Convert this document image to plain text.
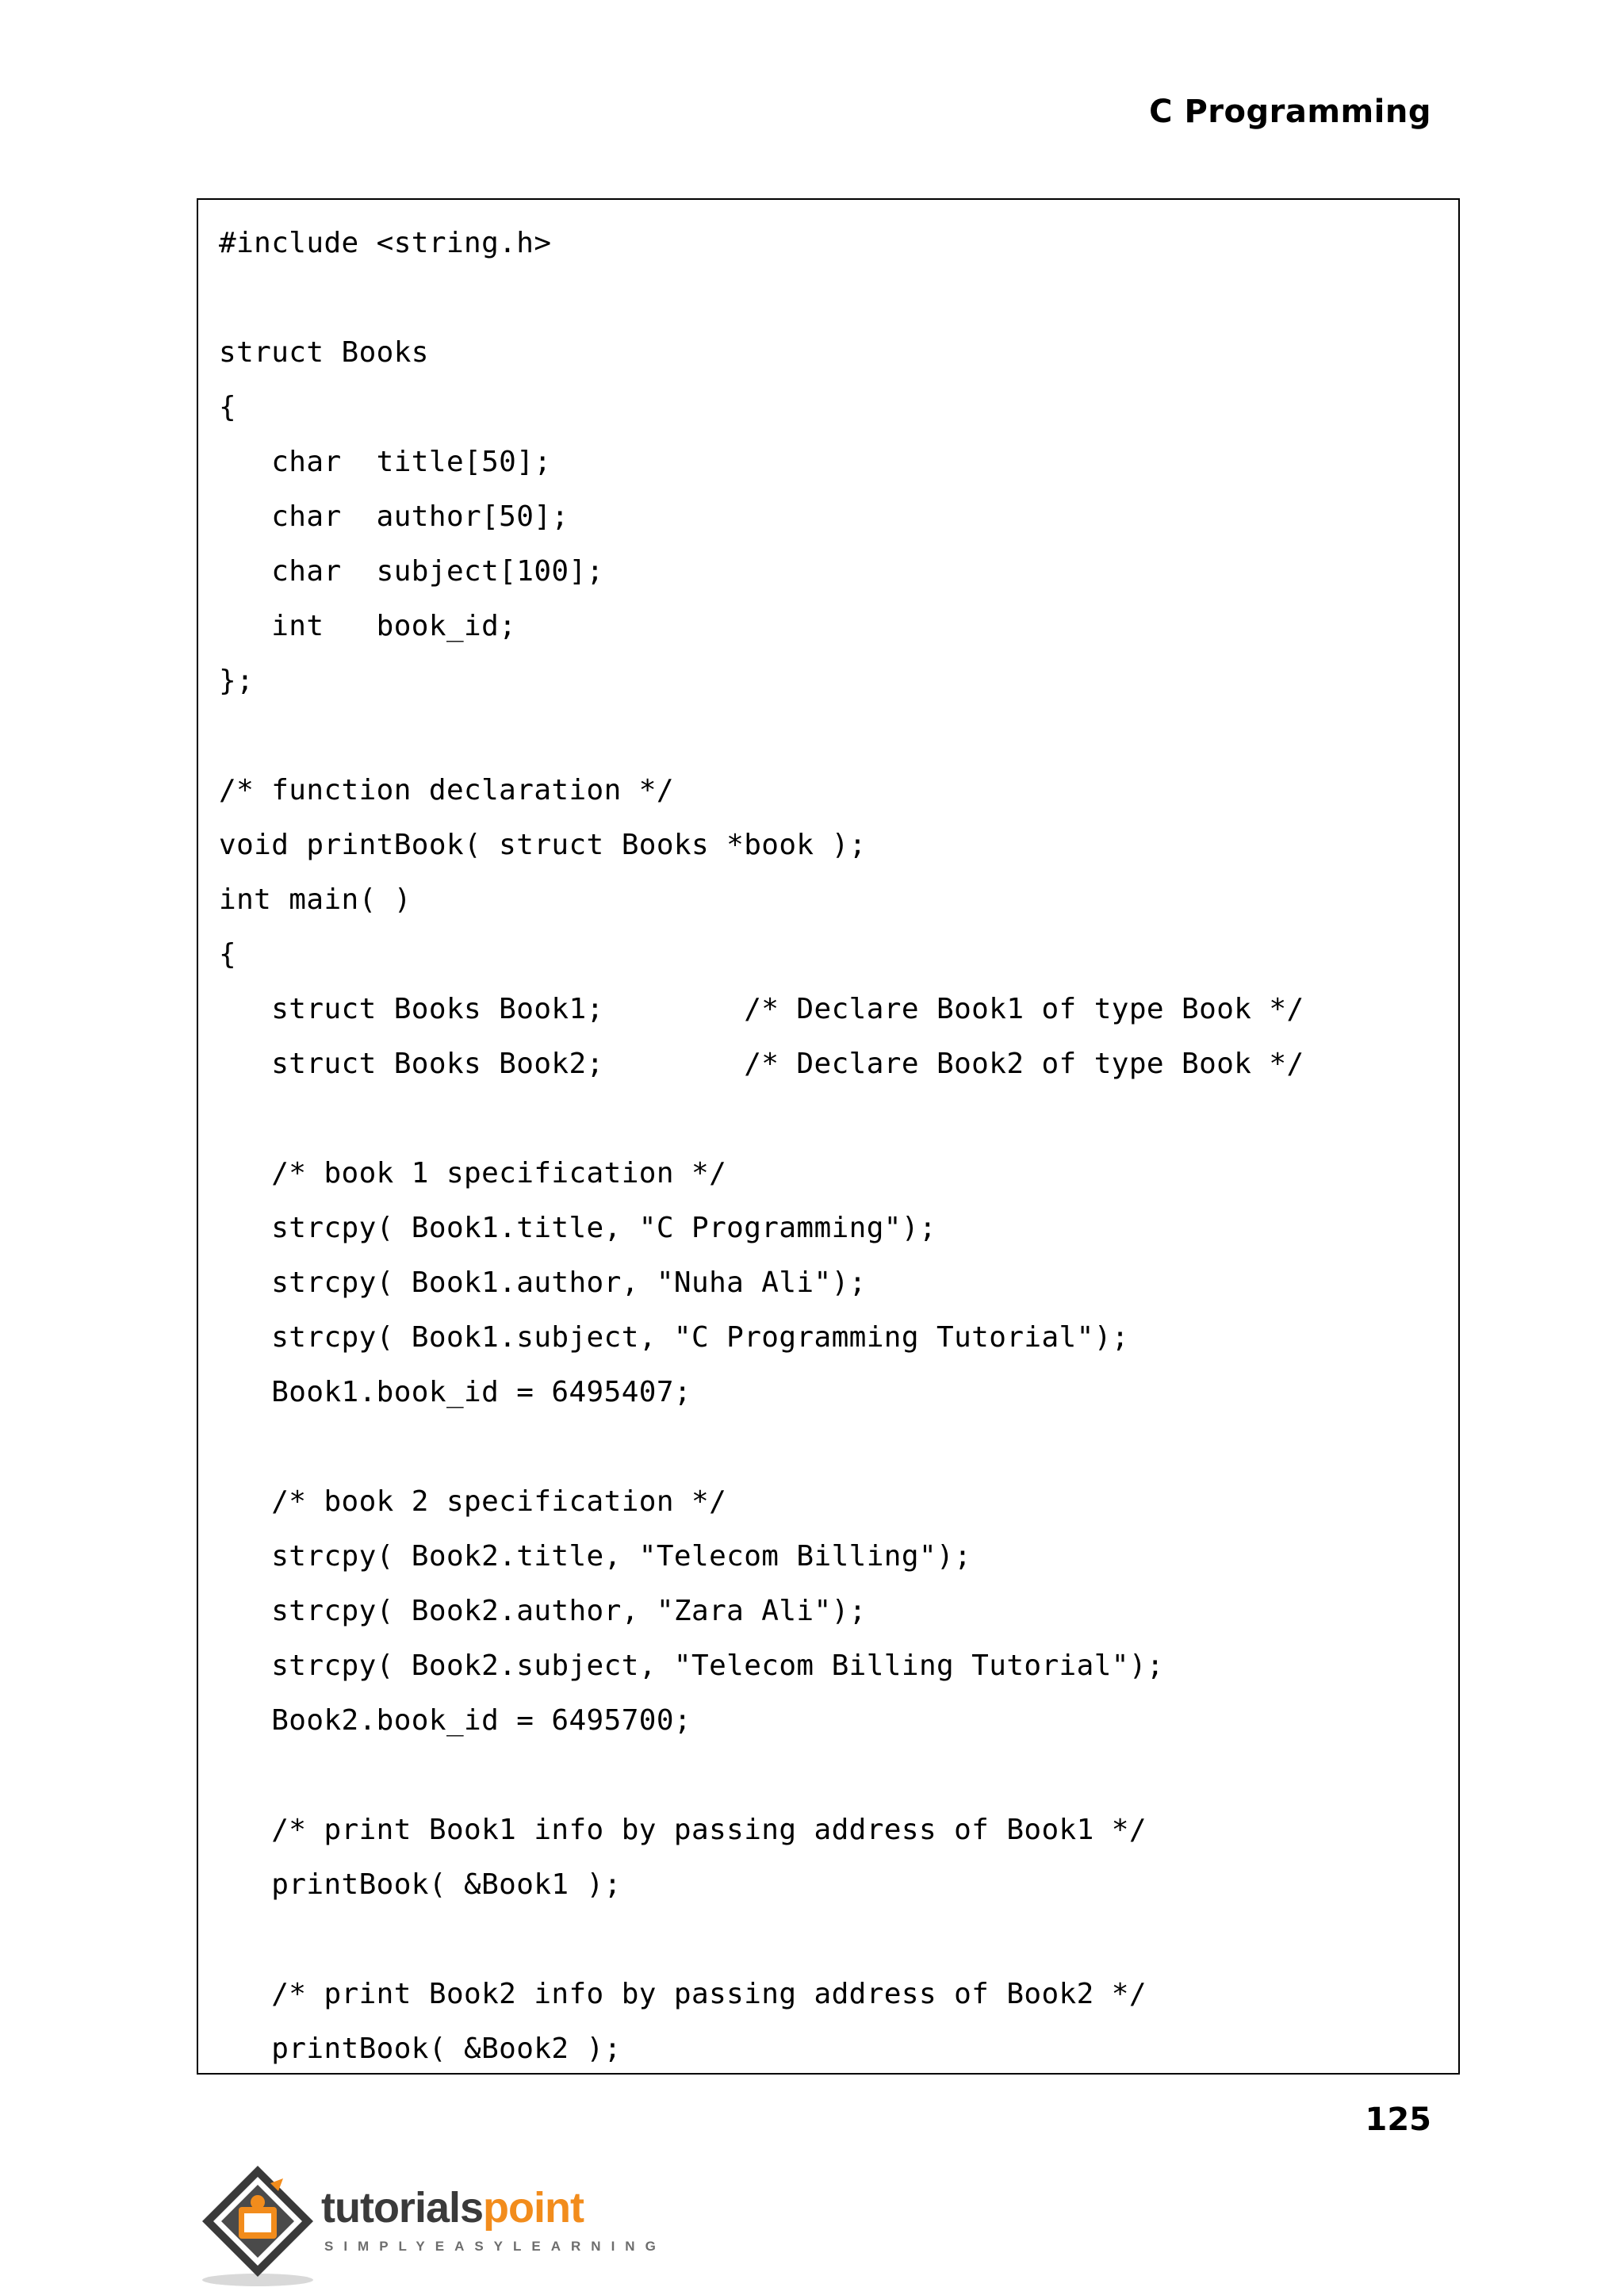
C Programming
#include <string.h>
struct Books
{
char  title[50];
char  author[50];
char  subject[100];
int   book_id;
};
/* function declaration */
void printBook( struct Books *book );
int main( )
{
struct Books Book1;        /* Declare Book1 of type Book */
struct Books Book2;        /* Declare Book2 of type Book */
/* book 1 specification */
strcpy( Book1.title, "C Programming");
strcpy( Book1.author, "Nuha Ali");
strcpy( Book1.subject, "C Programming Tutorial");
Book1.book_id = 6495407;
/* book 2 specification */
strcpy( Book2.title, "Telecom Billing");
strcpy( Book2.author, "Zara Ali");
strcpy( Book2.subject, "Telecom Billing Tutorial");
Book2.book_id = 6495700;
/* print Book1 info by passing address of Book1 */
printBook( &Book1 );
/* print Book2 info by passing address of Book2 */
printBook( &Book2 );
125
tutorialspoint
SIMPLYEASYLEARNING
